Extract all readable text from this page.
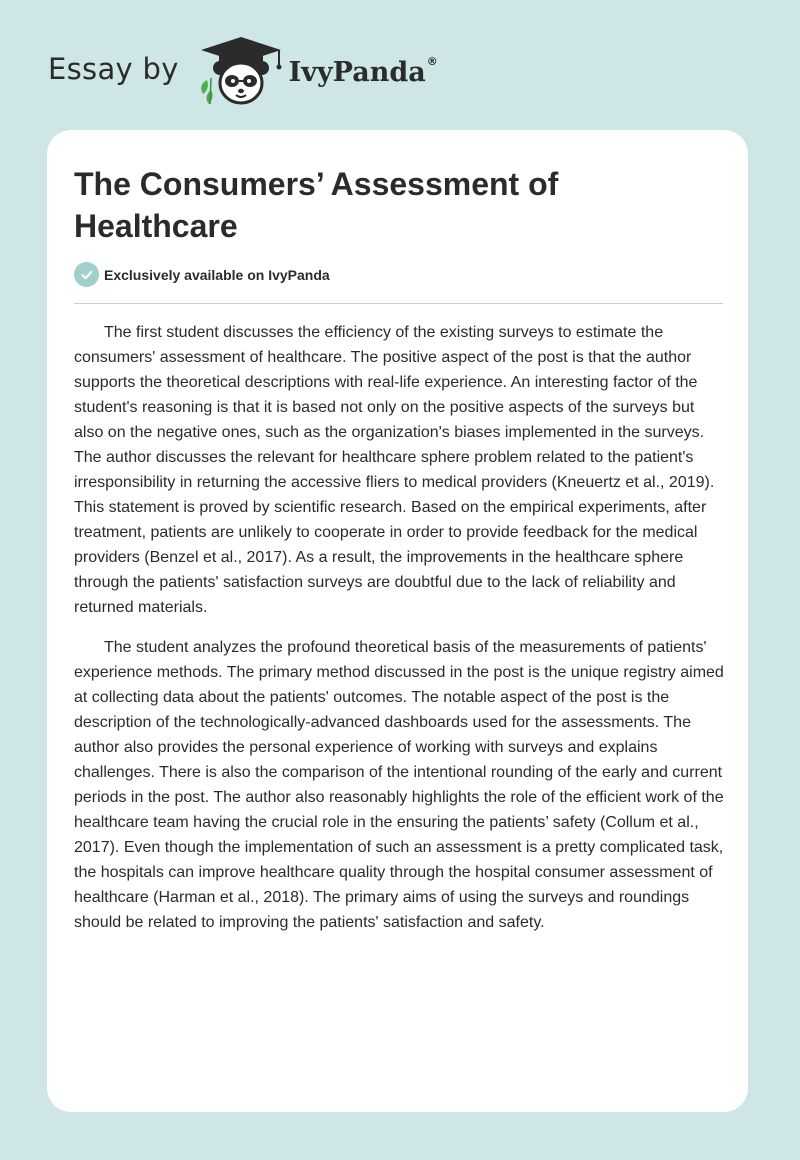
Essay by	IvyPanda®
The Consumers’ Assessment of Healthcare
Exclusively available on IvyPanda

The first student discusses the efficiency of the existing surveys to estimate the consumers' assessment of healthcare. The positive aspect of the post is that the author supports the theoretical descriptions with real-life experience. An interesting factor of the student's reasoning is that it is based not only on the positive aspects of the surveys but also on the negative ones, such as the organization's biases implemented in the surveys. The author discusses the relevant for healthcare sphere problem related to the patient's irresponsibility in returning the accessive fliers to medical providers (Kneuertz et al., 2019). This statement is proved by scientific research. Based on the empirical experiments, after treatment, patients are unlikely to cooperate in order to provide feedback for the medical providers (Benzel et al., 2017). As a result, the improvements in the healthcare sphere through the patients' satisfaction surveys are doubtful due to the lack of reliability and returned materials.

The student analyzes the profound theoretical basis of the measurements of patients' experience methods. The primary method discussed in the post is the unique registry aimed at collecting data about the patients' outcomes. The notable aspect of the post is the description of the technologically-advanced dashboards used for the assessments. The author also provides the personal experience of working with surveys and explains challenges. There is also the comparison of the intentional rounding of the early and current periods in the post. The author also reasonably highlights the role of the efficient work of the healthcare team having the crucial role in the ensuring the patients’ safety (Collum et al., 2017). Even though the implementation of such an assessment is a pretty complicated task, the hospitals can improve healthcare quality through the hospital consumer assessment of healthcare (Harman et al., 2018). The primary aims of using the surveys and roundings should be related to improving the patients' satisfaction and safety.
